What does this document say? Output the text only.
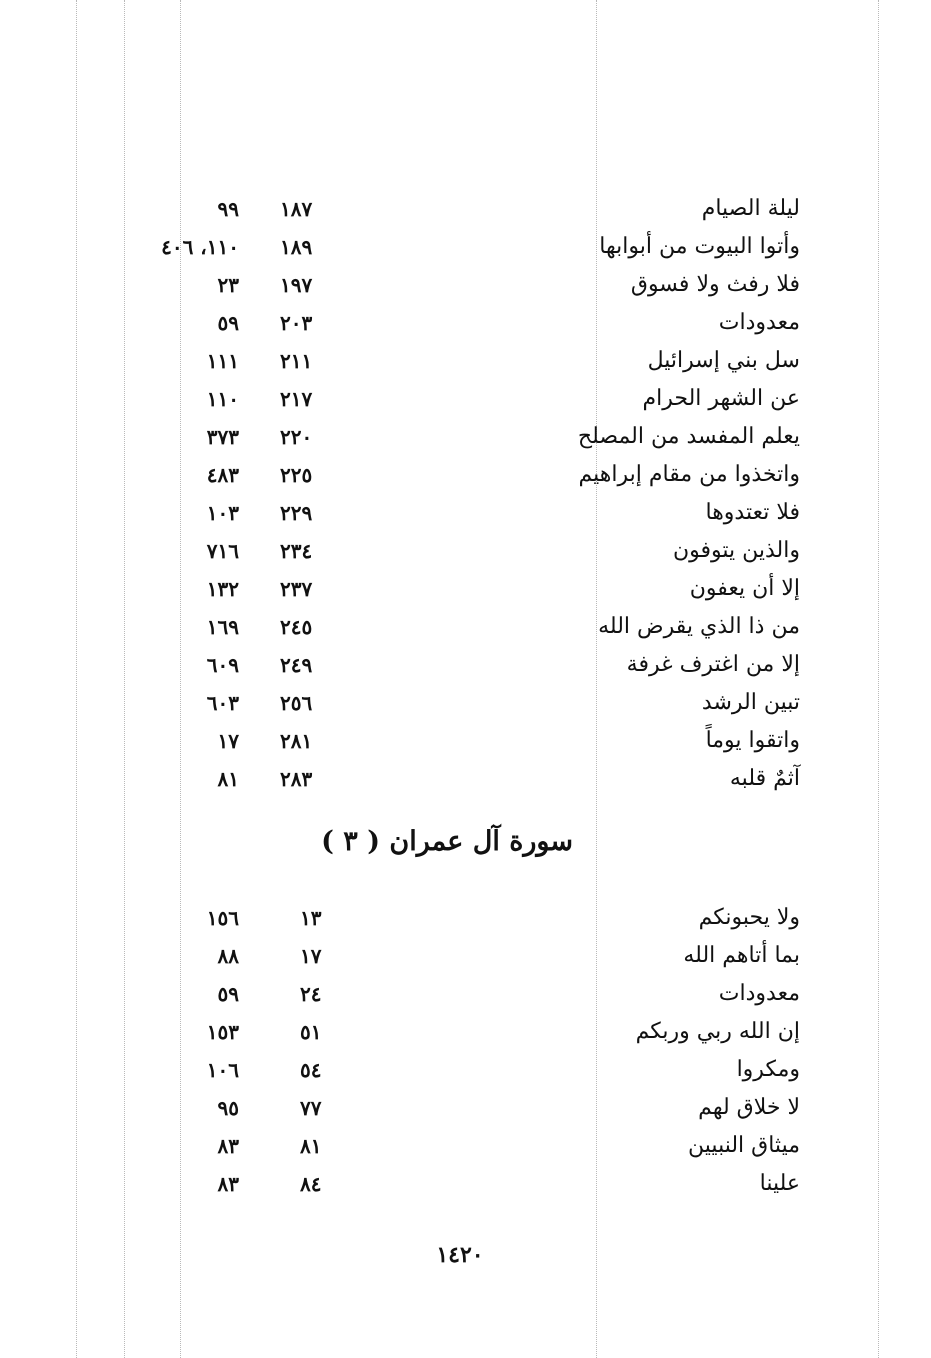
ليلة الصيام
١٨٧
٩٩
وأتوا البيوت من أبوابها
١٨٩
١١٠، ٤٠٦
فلا رفث ولا فسوق
١٩٧
٢٣
معدودات
٢٠٣
٥٩
سل بني إسرائيل
٢١١
١١١
عن الشهر الحرام
٢١٧
١١٠
يعلم المفسد من المصلح
٢٢٠
٣٧٣
واتخذوا من مقام إبراهيم
٢٢٥
٤٨٣
فلا تعتدوها
٢٢٩
١٠٣
والذين يتوفون
٢٣٤
٧١٦
إلا أن يعفون
٢٣٧
١٣٢
من ذا الذي يقرض الله
٢٤٥
١٦٩
إلا من اغترف غرفة
٢٤٩
٦٠٩
تبين الرشد
٢٥٦
٦٠٣
واتقوا يوماً
٢٨١
١٧
آثمٌ قلبه
٢٨٣
٨١
سورة آل عمران ( ٣ )
ولا يحبونكم
١٣
١٥٦
بما أتاهم الله
١٧
٨٨
معدودات
٢٤
٥٩
إن الله ربي وربكم
٥١
١٥٣
ومكروا
٥٤
١٠٦
لا خلاق لهم
٧٧
٩٥
ميثاق النبيين
٨١
٨٣
علينا
٨٤
٨٣
١٤٢٠
